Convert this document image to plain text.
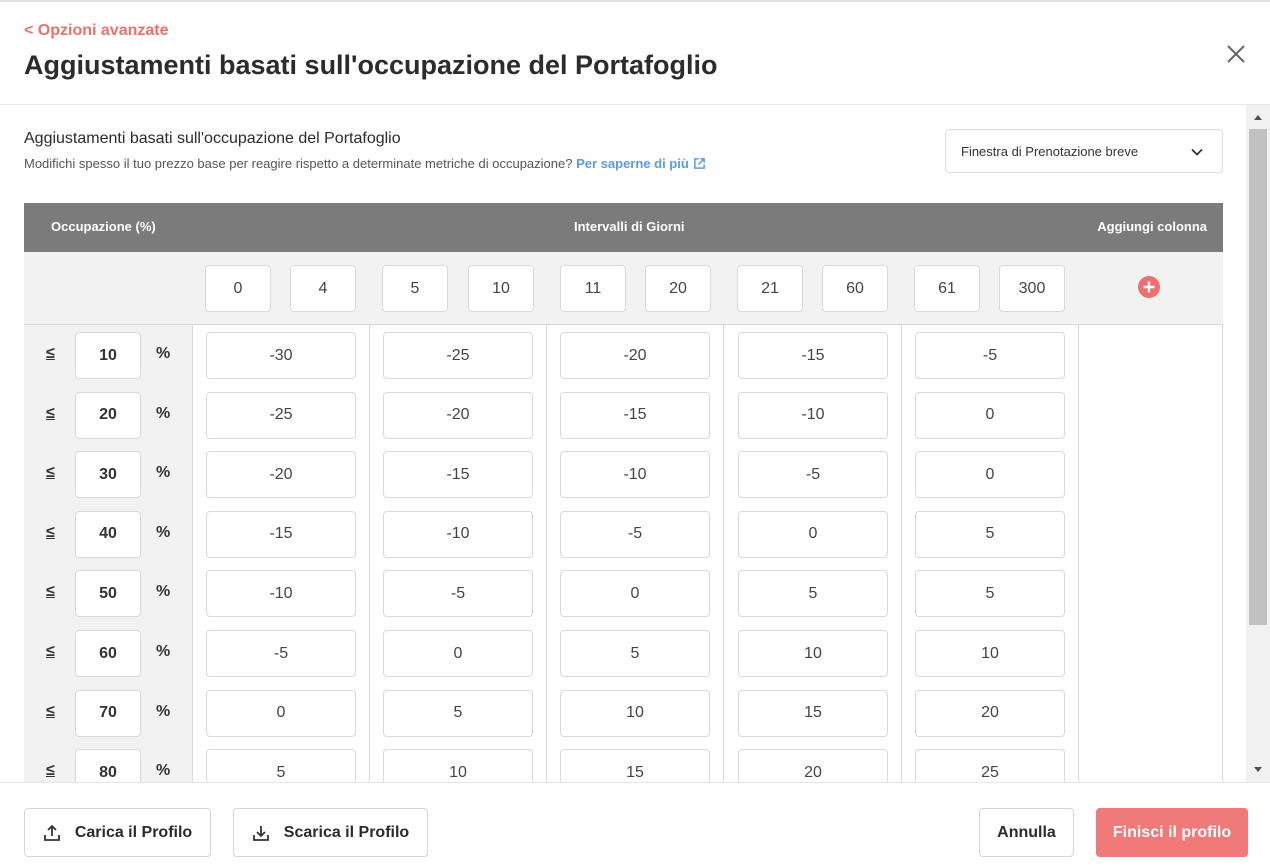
< Opzioni avanzate
Aggiustamenti basati sull'occupazione del Portafoglio
Aggiustamenti basati sull'occupazione del Portafoglio
Modifichi spesso il tuo prezzo base per reagire rispetto a determinate metriche di occupazione? Per saperne di più
Finestra di Prenotazione breve
Occupazione (%)	Intervalli di Giorni	Aggiungi colonna
0	4	5	10	11	20	21	60	61	300
≤	10	%	-30	-25	-20	-15	-5
≤	20	%	-25	-20	-15	-10	0
≤	30	%	-20	-15	-10	-5	0
≤	40	%	-15	-10	-5	0	5
≤	50	%	-10	-5	0	5	5
≤	60	%	-5	0	5	10	10
≤	70	%	0	5	10	15	20
≤	80	%	5	10	15	20	25
Carica il Profilo	Scarica il Profilo	Annulla	Finisci il profilo
